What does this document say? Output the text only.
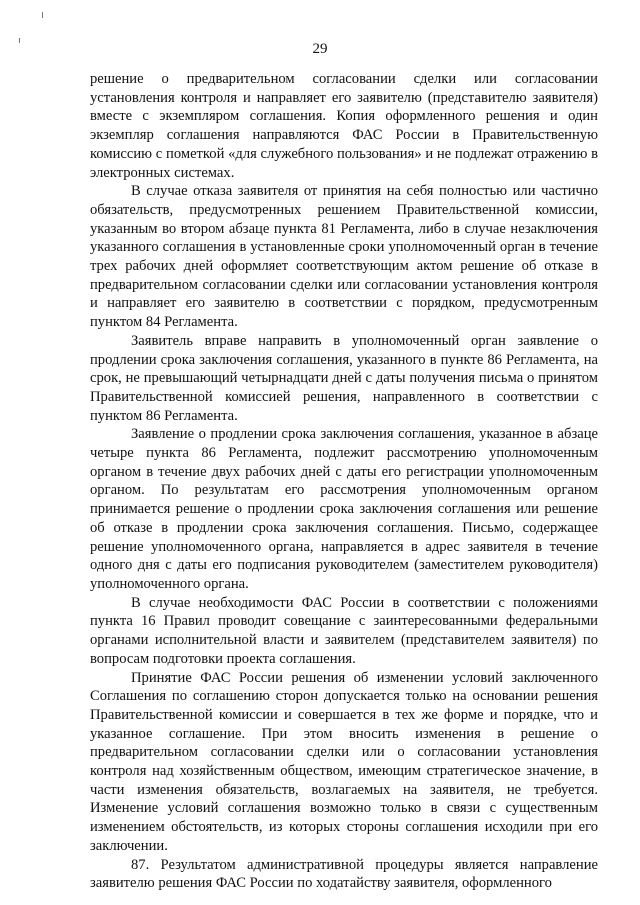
29

решение о предварительном согласовании сделки или согласовании установления контроля и направляет его заявителю (представителю заявителя) вместе с экземпляром соглашения. Копия оформленного решения и один экземпляр соглашения направляются ФАС России в Правительственную комиссию с пометкой «для служебного пользования» и не подлежат отражению в электронных системах.

В случае отказа заявителя от принятия на себя полностью или частично обязательств, предусмотренных решением Правительственной комиссии, указанным во втором абзаце пункта 81 Регламента, либо в случае незаключения указанного соглашения в установленные сроки уполномоченный орган в течение трех рабочих дней оформляет соответствующим актом решение об отказе в предварительном согласовании сделки или согласовании установления контроля и направляет его заявителю в соответствии с порядком, предусмотренным пунктом 84 Регламента.

Заявитель вправе направить в уполномоченный орган заявление о продлении срока заключения соглашения, указанного в пункте 86 Регламента, на срок, не превышающий четырнадцати дней с даты получения письма о принятом Правительственной комиссией решения, направленного в соответствии с пунктом 86 Регламента.

Заявление о продлении срока заключения соглашения, указанное в абзаце четыре пункта 86 Регламента, подлежит рассмотрению уполномоченным органом в течение двух рабочих дней с даты его регистрации уполномоченным органом. По результатам его рассмотрения уполномоченным органом принимается решение о продлении срока заключения соглашения или решение об отказе в продлении срока заключения соглашения. Письмо, содержащее решение уполномоченного органа, направляется в адрес заявителя в течение одного дня с даты его подписания руководителем (заместителем руководителя) уполномоченного органа.

В случае необходимости ФАС России в соответствии с положениями пункта 16 Правил проводит совещание с заинтересованными федеральными органами исполнительной власти и заявителем (представителем заявителя) по вопросам подготовки проекта соглашения.

Принятие ФАС России решения об изменении условий заключенного Соглашения по соглашению сторон допускается только на основании решения Правительственной комиссии и совершается в тех же форме и порядке, что и указанное соглашение. При этом вносить изменения в решение о предварительном согласовании сделки или о согласовании установления контроля над хозяйственным обществом, имеющим стратегическое значение, в части изменения обязательств, возлагаемых на заявителя, не требуется. Изменение условий соглашения возможно только в связи с существенным изменением обстоятельств, из которых стороны соглашения исходили при его заключении.

87. Результатом административной процедуры является направление заявителю решения ФАС России по ходатайству заявителя, оформленного
